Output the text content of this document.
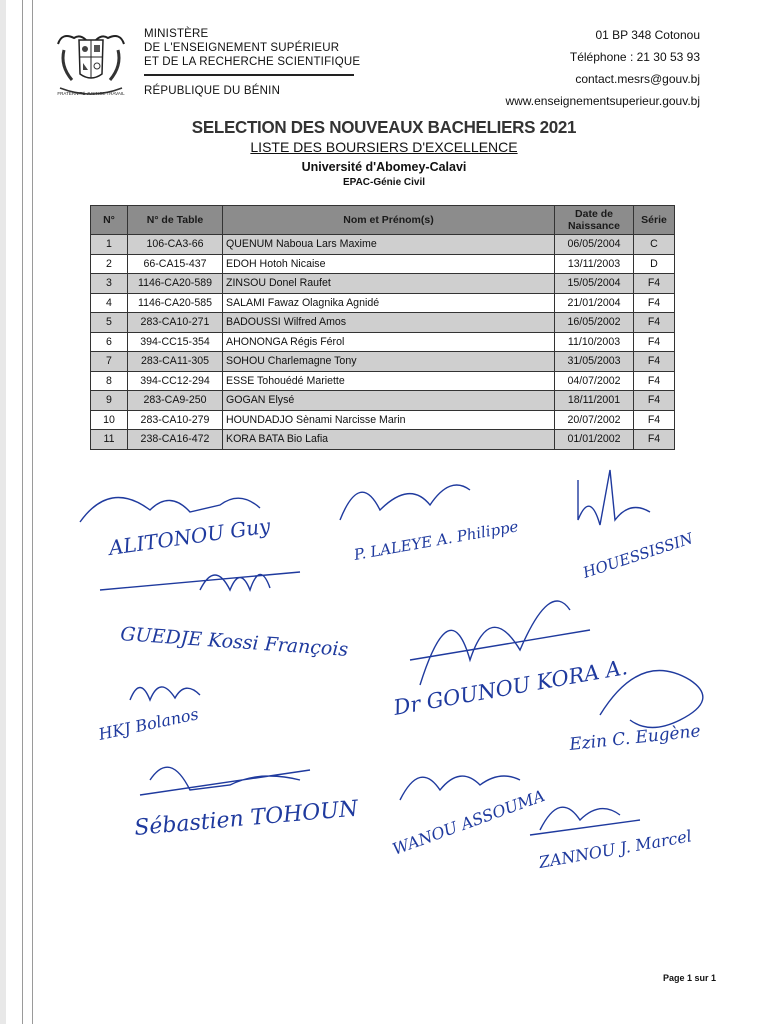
FRATERNITÉ JUSTICE TRAVAIL
MINISTÈRE
DE L'ENSEIGNEMENT SUPÉRIEUR
ET DE LA RECHERCHE SCIENTIFIQUE
RÉPUBLIQUE DU BÉNIN
01 BP 348 Cotonou
Téléphone : 21 30 53 93
contact.mesrs@gouv.bj
www.enseignementsuperieur.gouv.bj
SELECTION DES NOUVEAUX BACHELIERS 2021
LISTE DES BOURSIERS D'EXCELLENCE
Université d'Abomey-Calavi
EPAC-Génie Civil
N°	N° de Table	Nom et Prénom(s)	Date de Naissance	Série
1	106-CA3-66	QUENUM Naboua Lars Maxime	06/05/2004	C
2	66-CA15-437	EDOH Hotoh Nicaise	13/11/2003	D
3	1146-CA20-589	ZINSOU Donel Raufet	15/05/2004	F4
4	1146-CA20-585	SALAMI Fawaz Olagnika Agnidé	21/01/2004	F4
5	283-CA10-271	BADOUSSI Wilfred Amos	16/05/2002	F4
6	394-CC15-354	AHONONGA Régis Férol	11/10/2003	F4
7	283-CA11-305	SOHOU Charlemagne Tony	31/05/2003	F4
8	394-CC12-294	ESSE Tohouédé Mariette	04/07/2002	F4
9	283-CA9-250	GOGAN Elysé	18/11/2001	F4
10	283-CA10-279	HOUNDADJO Sènami Narcisse Marin	20/07/2002	F4
11	238-CA16-472	KORA BATA Bio Lafia	01/01/2002	F4
ALITONOU Guy	P. LALEYE A. Philippe	HOUESSISSIN
GUEDJE Kossi François
Dr GOUNOU KORA A.
HKJ Bolanos	Ezin C. Eugène
Sébastien TOHOUN WANOU ASSOUMA
ZANNOU J. Marcel
Page 1 sur 1
